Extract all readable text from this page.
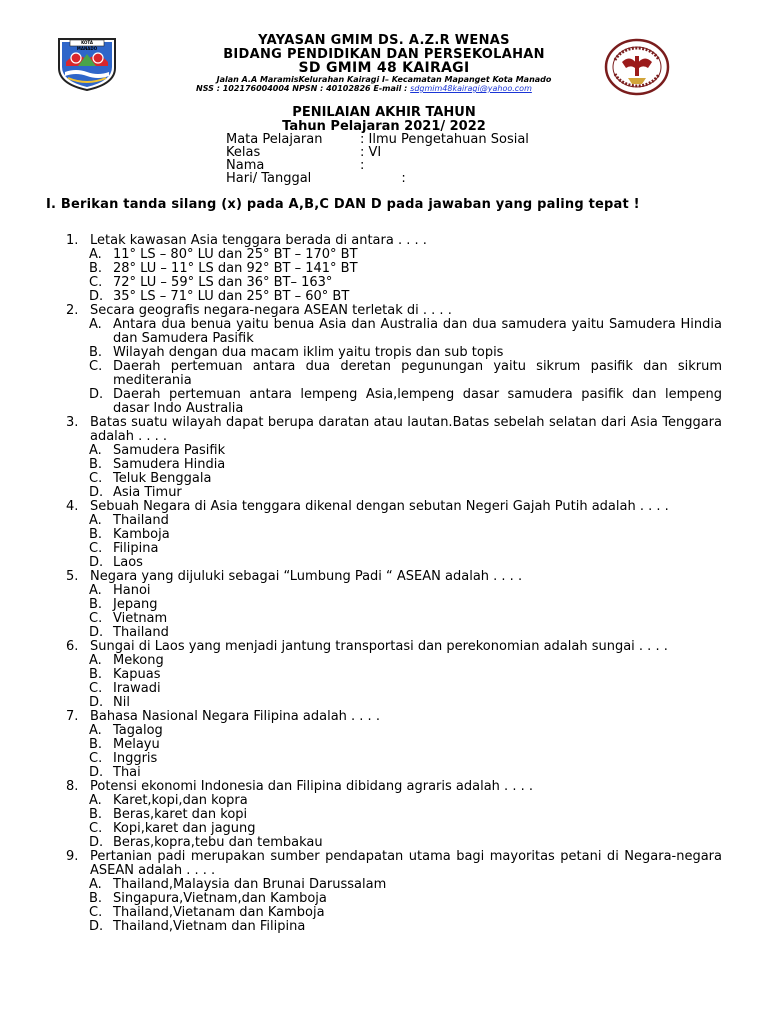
KOTA MANADO
YAYASAN GMIM DS. A.Z.R WENAS
BIDANG PENDIDIKAN DAN PERSEKOLAHAN
SD GMIM 48 KAIRAGI
Jalan A.A MaramisKelurahan Kairagi I– Kecamatan Mapanget Kota Manado
NSS : 102176004004 NPSN : 40102826 E-mail : sdgmim48kairagi@yahoo.com
PENILAIAN AKHIR TAHUN
Tahun Pelajaran 2021/ 2022

Mata Pelajaran

	: Ilmu Pengetahuan Sosial

Kelas

	: VI

Nama

	:

Hari/ Tanggal

	:

I. Berikan tanda silang (x) pada A,B,C DAN D pada jawaban yang paling tepat !
1. Letak kawasan Asia tenggara berada di antara . . . .
A. 11° LS – 80° LU dan 25° BT – 170° BT
B. 28° LU – 11° LS dan 92° BT – 141° BT
C. 72° LU – 59° LS dan 36° BT– 163°
D. 35° LS – 71° LU dan 25° BT – 60° BT
2. Secara geografis negara-negara ASEAN terletak di . . . .
A. Antara dua benua yaitu benua Asia dan Australia dan dua samudera yaitu Samudera Hindia dan Samudera Pasifik
B. Wilayah dengan dua macam iklim yaitu tropis dan sub topis
C. Daerah pertemuan antara dua deretan pegunungan yaitu sikrum pasifik dan sikrum mediterania
D. Daerah pertemuan antara lempeng Asia,lempeng dasar samudera pasifik dan lempeng dasar Indo Australia
3. Batas suatu wilayah dapat berupa daratan atau lautan.Batas sebelah selatan dari Asia Tenggara adalah . . . .
A. Samudera Pasifik
B. Samudera Hindia
C. Teluk Benggala
D. Asia Timur
4. Sebuah Negara di Asia tenggara dikenal dengan sebutan Negeri Gajah Putih adalah . . . .
A. Thailand
B. Kamboja
C. Filipina
D. Laos
5. Negara yang dijuluki sebagai “Lumbung Padi “ ASEAN adalah . . . .
A. Hanoi
B. Jepang
C. Vietnam
D. Thailand
6. Sungai di Laos yang menjadi jantung transportasi dan perekonomian adalah sungai . . . .
A. Mekong
B. Kapuas
C. Irawadi
D. Nil
7. Bahasa Nasional Negara Filipina adalah . . . .
A. Tagalog
B. Melayu
C. Inggris
D. Thai
8. Potensi ekonomi Indonesia dan Filipina dibidang agraris adalah . . . .
A. Karet,kopi,dan kopra
B. Beras,karet dan kopi
C. Kopi,karet dan jagung
D. Beras,kopra,tebu dan tembakau
9. Pertanian padi merupakan sumber pendapatan utama bagi mayoritas petani di Negara-negara ASEAN adalah . . . .
A. Thailand,Malaysia dan Brunai Darussalam
B. Singapura,Vietnam,dan Kamboja
C. Thailand,Vietanam dan Kamboja
D. Thailand,Vietnam dan Filipina
